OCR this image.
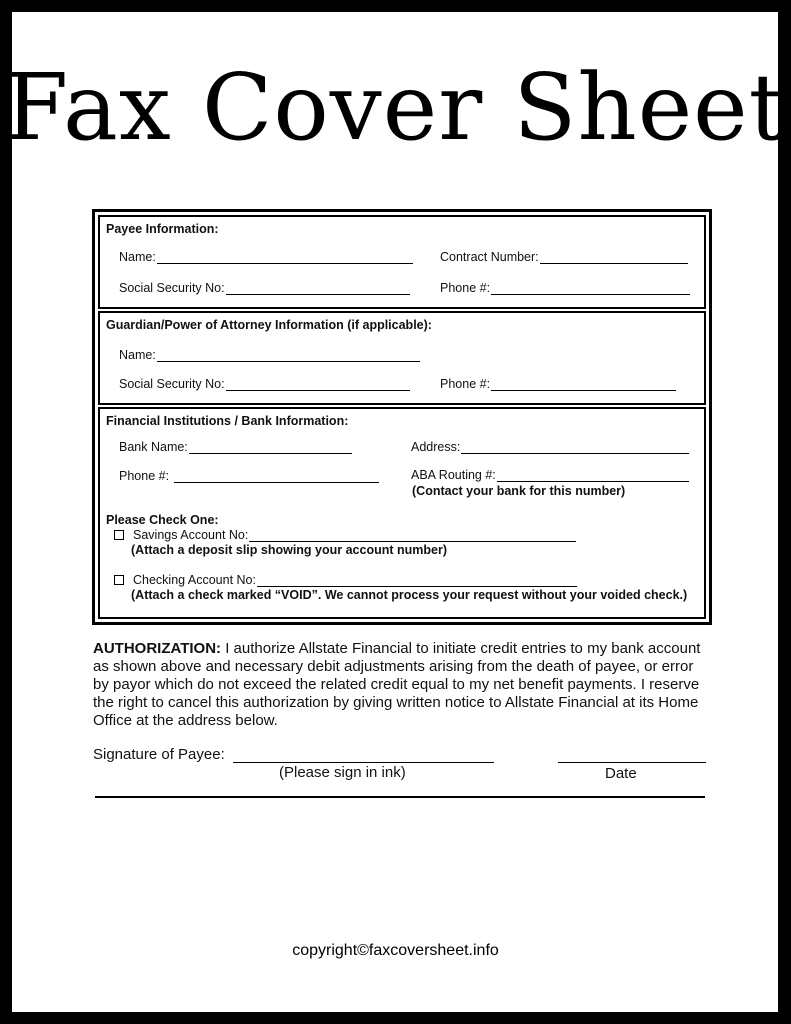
Fax Cover Sheet
Payee Information:
Name:	Contract Number:
Social Security No:	Phone #:
Guardian/Power of Attorney Information (if applicable):
Name:
Social Security No:	Phone #:
Financial Institutions / Bank Information:
Bank Name:	Address:
Phone #:	ABA Routing #:
(Contact your bank for this number)
Please Check One:
Savings Account No:
(Attach a deposit slip showing your account number)
Checking Account No:
(Attach a check marked “VOID”. We cannot process your request without your voided check.)
AUTHORIZATION: I authorize Allstate Financial to initiate credit entries to my bank account as shown above and necessary debit adjustments arising from the death of payee, or error by payor which do not exceed the related credit equal to my net benefit payments. I reserve the right to cancel this authorization by giving written notice to Allstate Financial at its Home Office at the address below.
Signature of Payee:
(Please sign in ink)	Date
copyright©faxcoversheet.info
